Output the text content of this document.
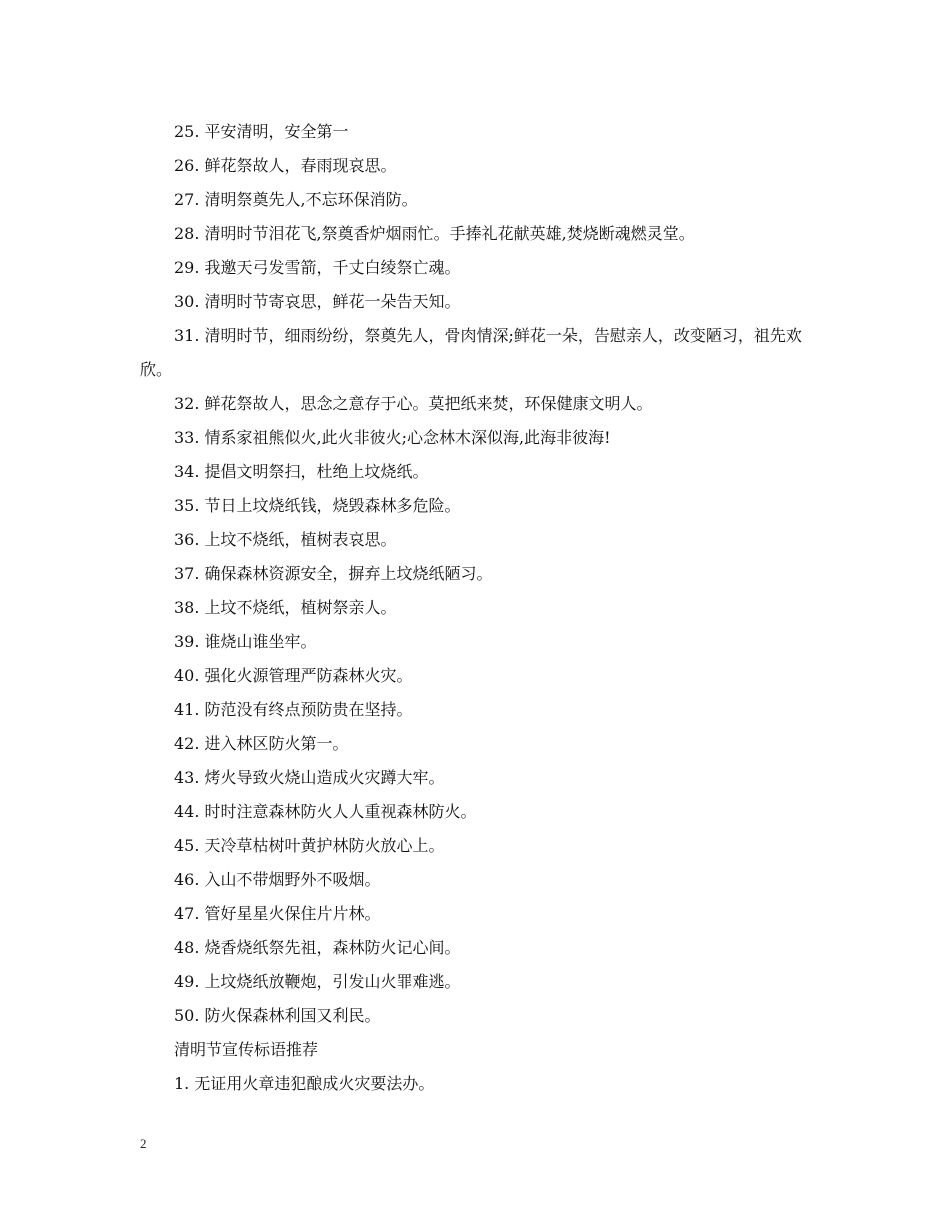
25. 平安清明，安全第一

26. 鲜花祭故人，春雨现哀思。

27. 清明祭奠先人,不忘环保消防。

28. 清明时节泪花飞,祭奠香炉烟雨忙。手捧礼花献英雄,焚烧断魂燃灵堂。

29. 我邀天弓发雪箭，千丈白绫祭亡魂。

30. 清明时节寄哀思，鲜花一朵告天知。

31. 清明时节，细雨纷纷，祭奠先人，骨肉情深;鲜花一朵，告慰亲人，改变陋习，祖先欢欣。

32. 鲜花祭故人，思念之意存于心。莫把纸来焚，环保健康文明人。

33. 情系家祖熊似火,此火非彼火;心念林木深似海,此海非彼海!

34. 提倡文明祭扫，杜绝上坟烧纸。

35. 节日上坟烧纸钱，烧毁森林多危险。

36. 上坟不烧纸，植树表哀思。

37. 确保森林资源安全，摒弃上坟烧纸陋习。

38. 上坟不烧纸，植树祭亲人。

39. 谁烧山谁坐牢。

40. 强化火源管理严防森林火灾。

41. 防范没有终点预防贵在坚持。

42. 进入林区防火第一。

43. 烤火导致火烧山造成火灾蹲大牢。

44. 时时注意森林防火人人重视森林防火。

45. 天冷草枯树叶黄护林防火放心上。

46. 入山不带烟野外不吸烟。

47. 管好星星火保住片片林。

48. 烧香烧纸祭先祖，森林防火记心间。

49. 上坟烧纸放鞭炮，引发山火罪难逃。

50. 防火保森林利国又利民。

清明节宣传标语推荐

1. 无证用火章违犯酿成火灾要法办。

2
